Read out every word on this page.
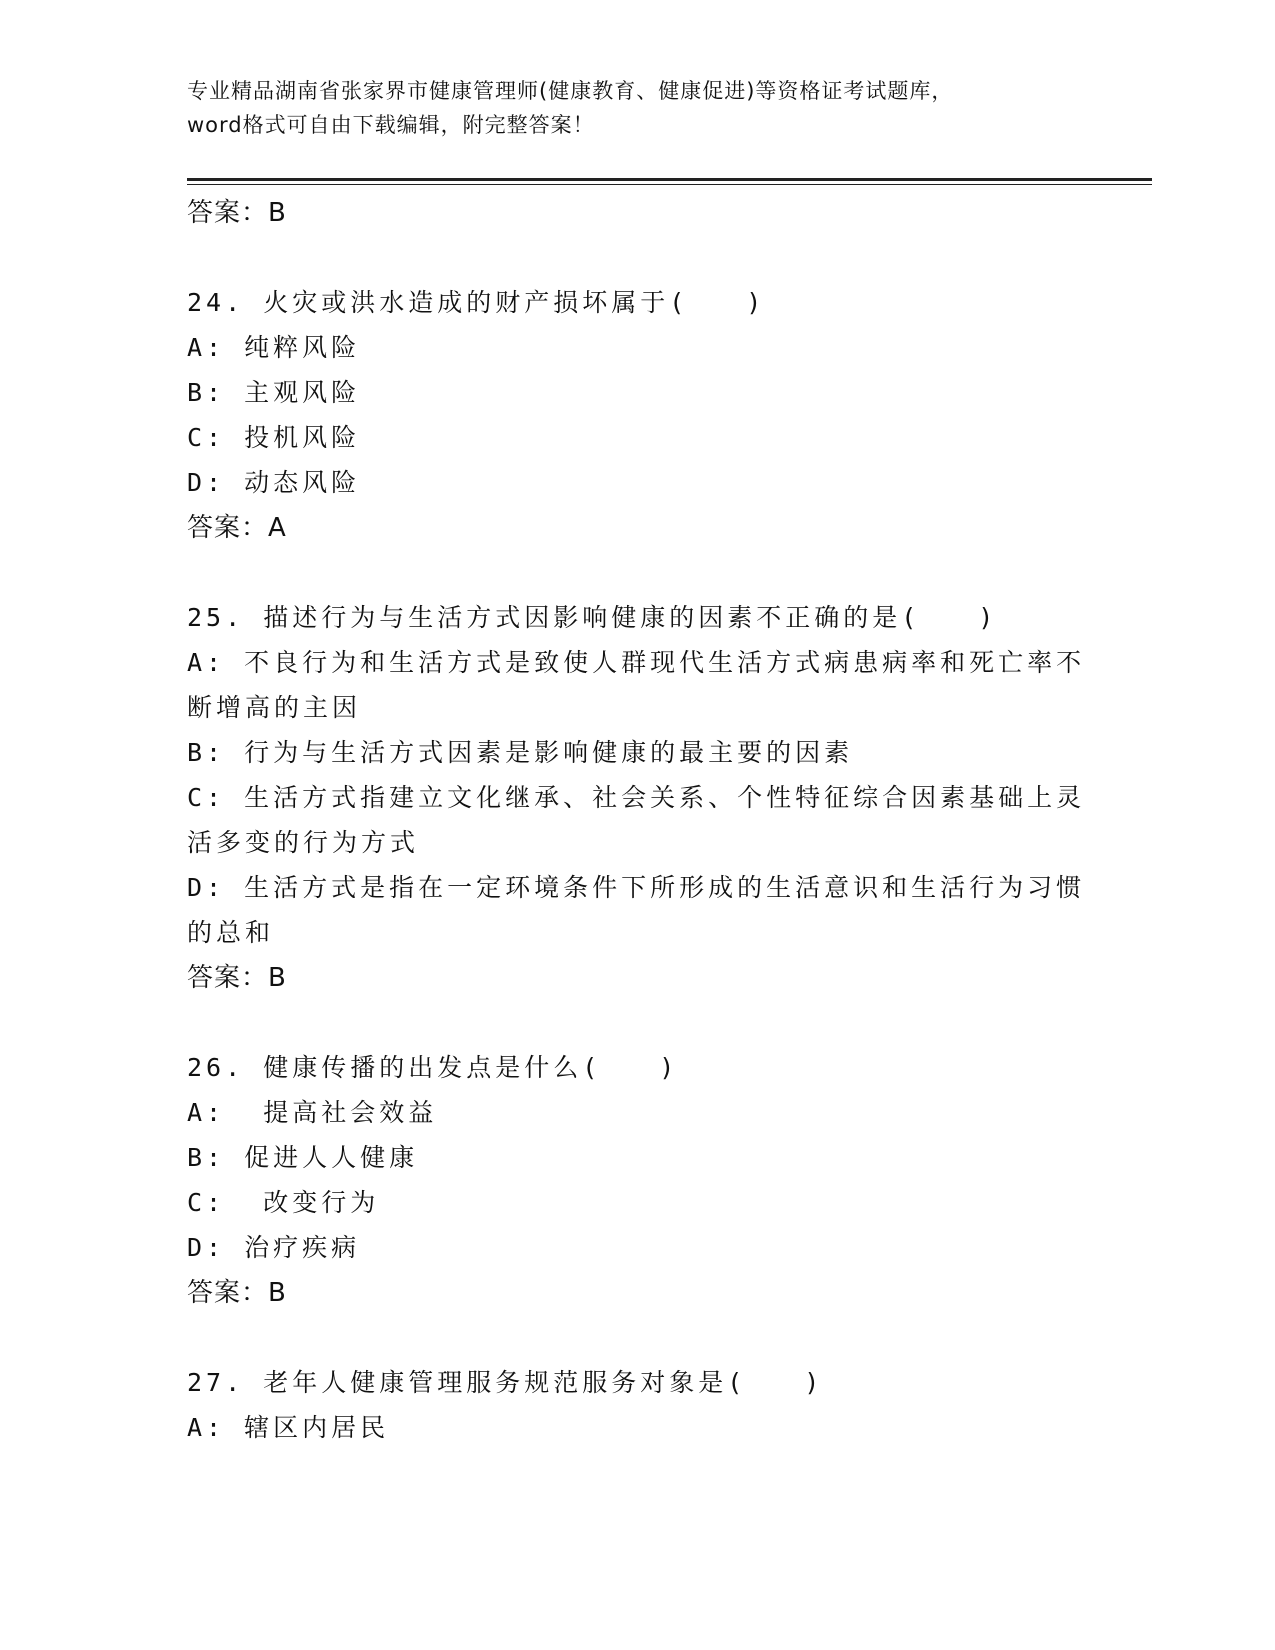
专业精品湖南省张家界市健康管理师(健康教育、健康促进)等资格证考试题库，
word格式可自由下载编辑，附完整答案！
答案：B
24. 火灾或洪水造成的财产损坏属于(　　)
A: 纯粹风险
B: 主观风险
C: 投机风险
D: 动态风险
答案：A
25. 描述行为与生活方式因影响健康的因素不正确的是(　　)
A: 不良行为和生活方式是致使人群现代生活方式病患病率和死亡率不断增高的主因
B: 行为与生活方式因素是影响健康的最主要的因素
C: 生活方式指建立文化继承、社会关系、个性特征综合因素基础上灵活多变的行为方式
D: 生活方式是指在一定环境条件下所形成的生活意识和生活行为习惯的总和
答案：B
26. 健康传播的出发点是什么(　　)
A:  提高社会效益
B: 促进人人健康
C:  改变行为
D: 治疗疾病
答案：B
27. 老年人健康管理服务规范服务对象是(　　)
A: 辖区内居民
